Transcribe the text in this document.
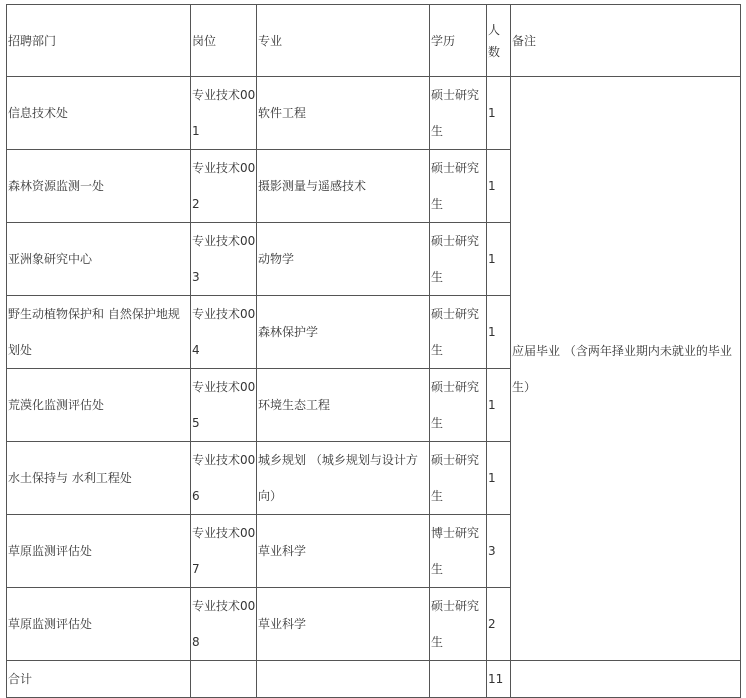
招聘部门	岗位	专业	学历	人数	备注
信息技术处	专业技术001	软件工程	硕士研究生	1	应届毕业 （含两年择业期内未就业的毕业生）
森林资源监测一处	专业技术002	摄影测量与遥感技术	硕士研究生	1	
亚洲象研究中心	专业技术003	动物学	硕士研究生	1	
野生动植物保护和 自然保护地规划处	专业技术004	森林保护学	硕士研究生	1	
荒漠化监测评估处	专业技术005	环境生态工程	硕士研究生	1	
水土保持与 水利工程处	专业技术006	城乡规划 （城乡规划与设计方向）	硕士研究生	1	
草原监测评估处	专业技术007	草业科学	博士研究生	3	
草原监测评估处	专业技术008	草业科学	硕士研究生	2	
合计				11	
